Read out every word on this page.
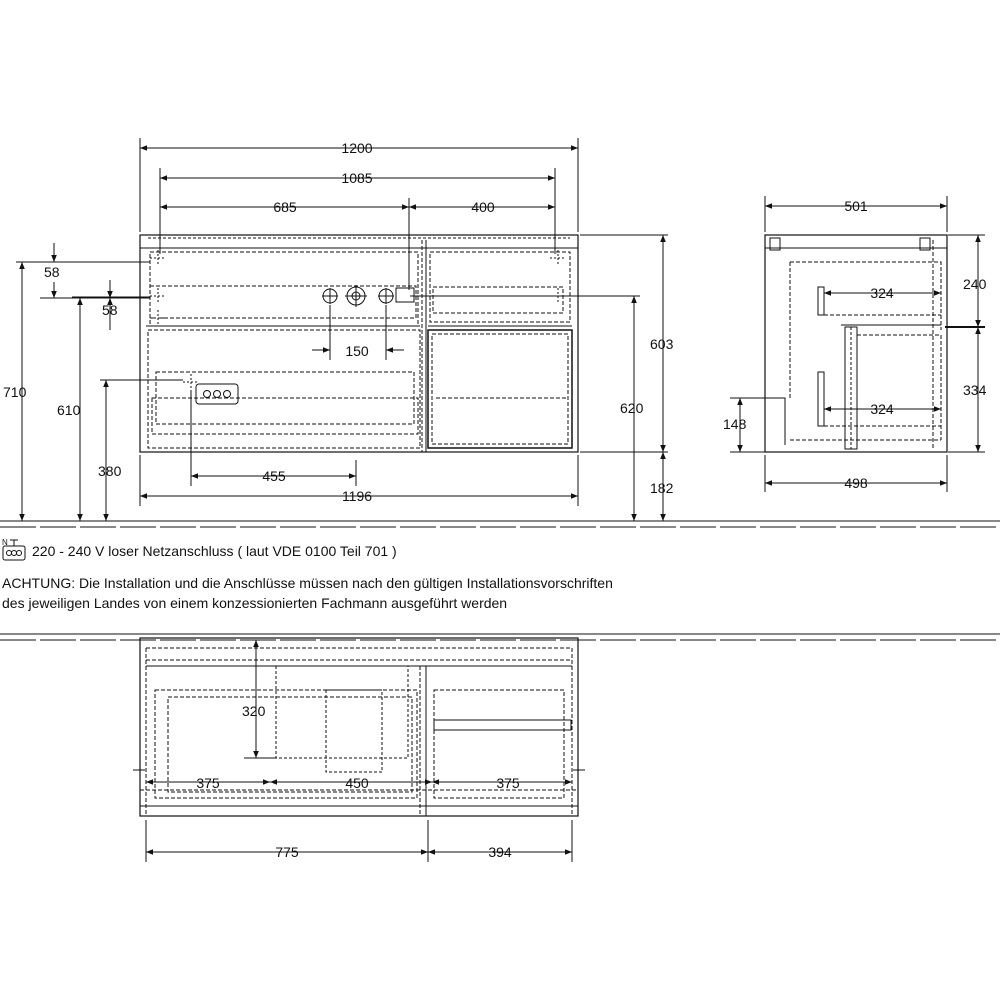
N
1200
1085
685	400
58
58
150
455
1196
710
610
380
603
620
182
501
498
324
324
240
334
148
320
375	450	375
775	394
220 - 240 V loser Netzanschluss ( laut VDE 0100 Teil 701 )
ACHTUNG: Die Installation und die Anschlüsse müssen nach den gültigen Installationsvorschriften
des jeweiligen Landes von einem konzessionierten Fachmann ausgeführt werden
